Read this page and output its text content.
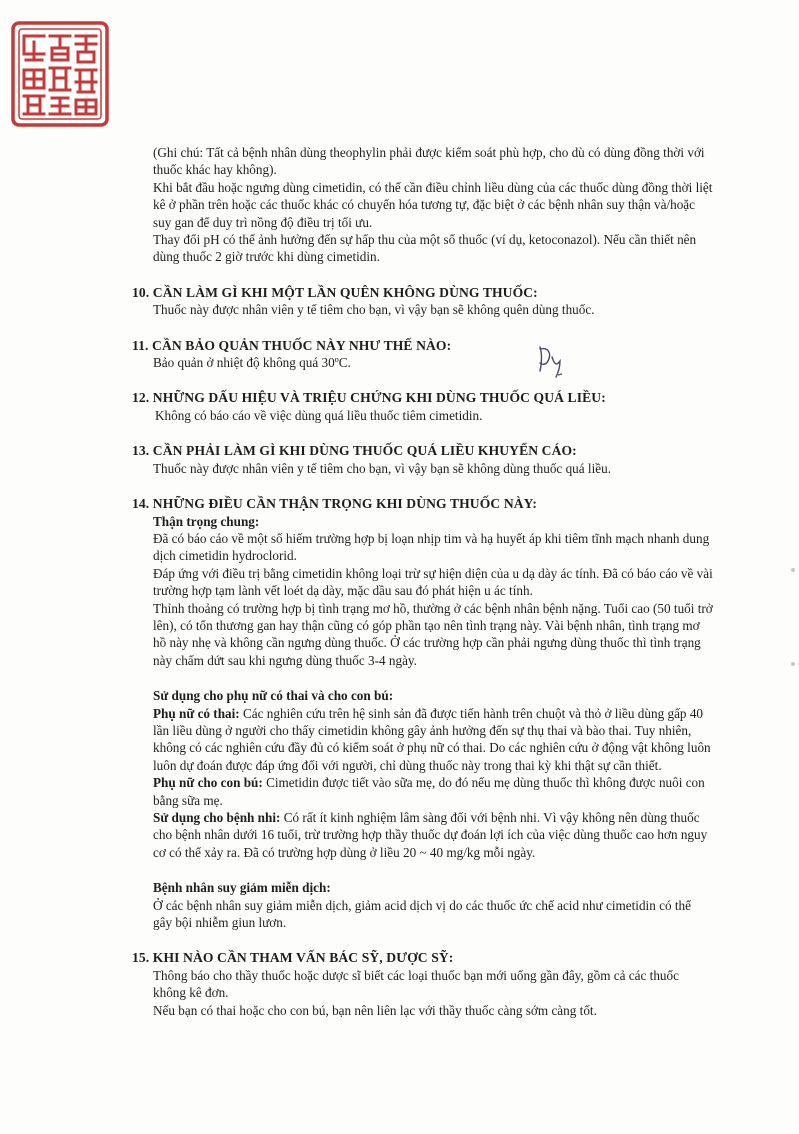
(Ghi chú: Tất cả bệnh nhân dùng theophylin phải được kiểm soát phù hợp, cho dù có dùng đồng thời với thuốc khác hay không).

Khi bắt đầu hoặc ngưng dùng cimetidin, có thể cần điều chỉnh liều dùng của các thuốc dùng đồng thời liệt kê ở phần trên hoặc các thuốc khác có chuyển hóa tương tự, đặc biệt ở các bệnh nhân suy thận và/hoặc suy gan để duy trì nồng độ điều trị tối ưu.

Thay đổi pH có thể ảnh hưởng đến sự hấp thu của một số thuốc (ví dụ, ketoconazol). Nếu cần thiết nên dùng thuốc 2 giờ trước khi dùng cimetidin.

10. CẦN LÀM GÌ KHI MỘT LẦN QUÊN KHÔNG DÙNG THUỐC:

Thuốc này được nhân viên y tế tiêm cho bạn, vì vậy bạn sẽ không quên dùng thuốc.

11. CẦN BẢO QUẢN THUỐC NÀY NHƯ THẾ NÀO:

Bảo quản ở nhiệt độ không quá 30ºC.

12. NHỮNG DẤU HIỆU VÀ TRIỆU CHỨNG KHI DÙNG THUỐC QUÁ LIỀU:

Không có báo cáo về việc dùng quá liều thuốc tiêm cimetidin.

13. CẦN PHẢI LÀM GÌ KHI DÙNG THUỐC QUÁ LIỀU KHUYẾN CÁO:

Thuốc này được nhân viên y tế tiêm cho bạn, vì vậy bạn sẽ không dùng thuốc quá liều.

14. NHỮNG ĐIỀU CẦN THẬN TRỌNG KHI DÙNG THUỐC NÀY:

Thận trọng chung:

Đã có báo cáo về một số hiếm trường hợp bị loạn nhịp tim và hạ huyết áp khi tiêm tĩnh mạch nhanh dung dịch cimetidin hydroclorid.

Đáp ứng với điều trị bằng cimetidin không loại trừ sự hiện diện của u dạ dày ác tính. Đã có báo cáo về vài trường hợp tạm lành vết loét dạ dày, mặc dầu sau đó phát hiện u ác tính.

Thỉnh thoảng có trường hợp bị tình trạng mơ hồ, thường ở các bệnh nhân bệnh nặng. Tuổi cao (50 tuổi trở lên), có tổn thương gan hay thận cũng có góp phần tạo nên tình trạng này. Vài bệnh nhân, tình trạng mơ hồ này nhẹ và không cần ngưng dùng thuốc. Ở các trường hợp cần phải ngưng dùng thuốc thì tình trạng này chấm dứt sau khi ngưng dùng thuốc 3-4 ngày.

Sử dụng cho phụ nữ có thai và cho con bú:

Phụ nữ có thai: Các nghiên cứu trên hệ sinh sản đã được tiến hành trên chuột và thỏ ở liều dùng gấp 40 lần liều dùng ở người cho thấy cimetidin không gây ảnh hưởng đến sự thụ thai và bào thai. Tuy nhiên, không có các nghiên cứu đầy đủ có kiểm soát ở phụ nữ có thai. Do các nghiên cứu ở động vật không luôn luôn dự đoán được đáp ứng đối với người, chỉ dùng thuốc này trong thai kỳ khi thật sự cần thiết.

Phụ nữ cho con bú: Cimetidin được tiết vào sữa mẹ, do đó nếu mẹ dùng thuốc thì không được nuôi con bằng sữa mẹ.

Sử dụng cho bệnh nhi: Có rất ít kinh nghiệm lâm sàng đối với bệnh nhi. Vì vậy không nên dùng thuốc cho bệnh nhân dưới 16 tuổi, trừ trường hợp thầy thuốc dự đoán lợi ích của việc dùng thuốc cao hơn nguy cơ có thể xảy ra. Đã có trường hợp dùng ở liều 20 ~ 40 mg/kg mỗi ngày.

Bệnh nhân suy giảm miễn dịch:

Ở các bệnh nhân suy giảm miễn dịch, giảm acid dịch vị do các thuốc ức chế acid như cimetidin có thể gây bội nhiễm giun lươn.

15. KHI NÀO CẦN THAM VẤN BÁC SỸ, DƯỢC SỸ:

Thông báo cho thầy thuốc hoặc dược sĩ biết các loại thuốc bạn mới uống gần đây, gồm cả các thuốc không kê đơn.

Nếu bạn có thai hoặc cho con bú, bạn nên liên lạc với thầy thuốc càng sớm càng tốt.
